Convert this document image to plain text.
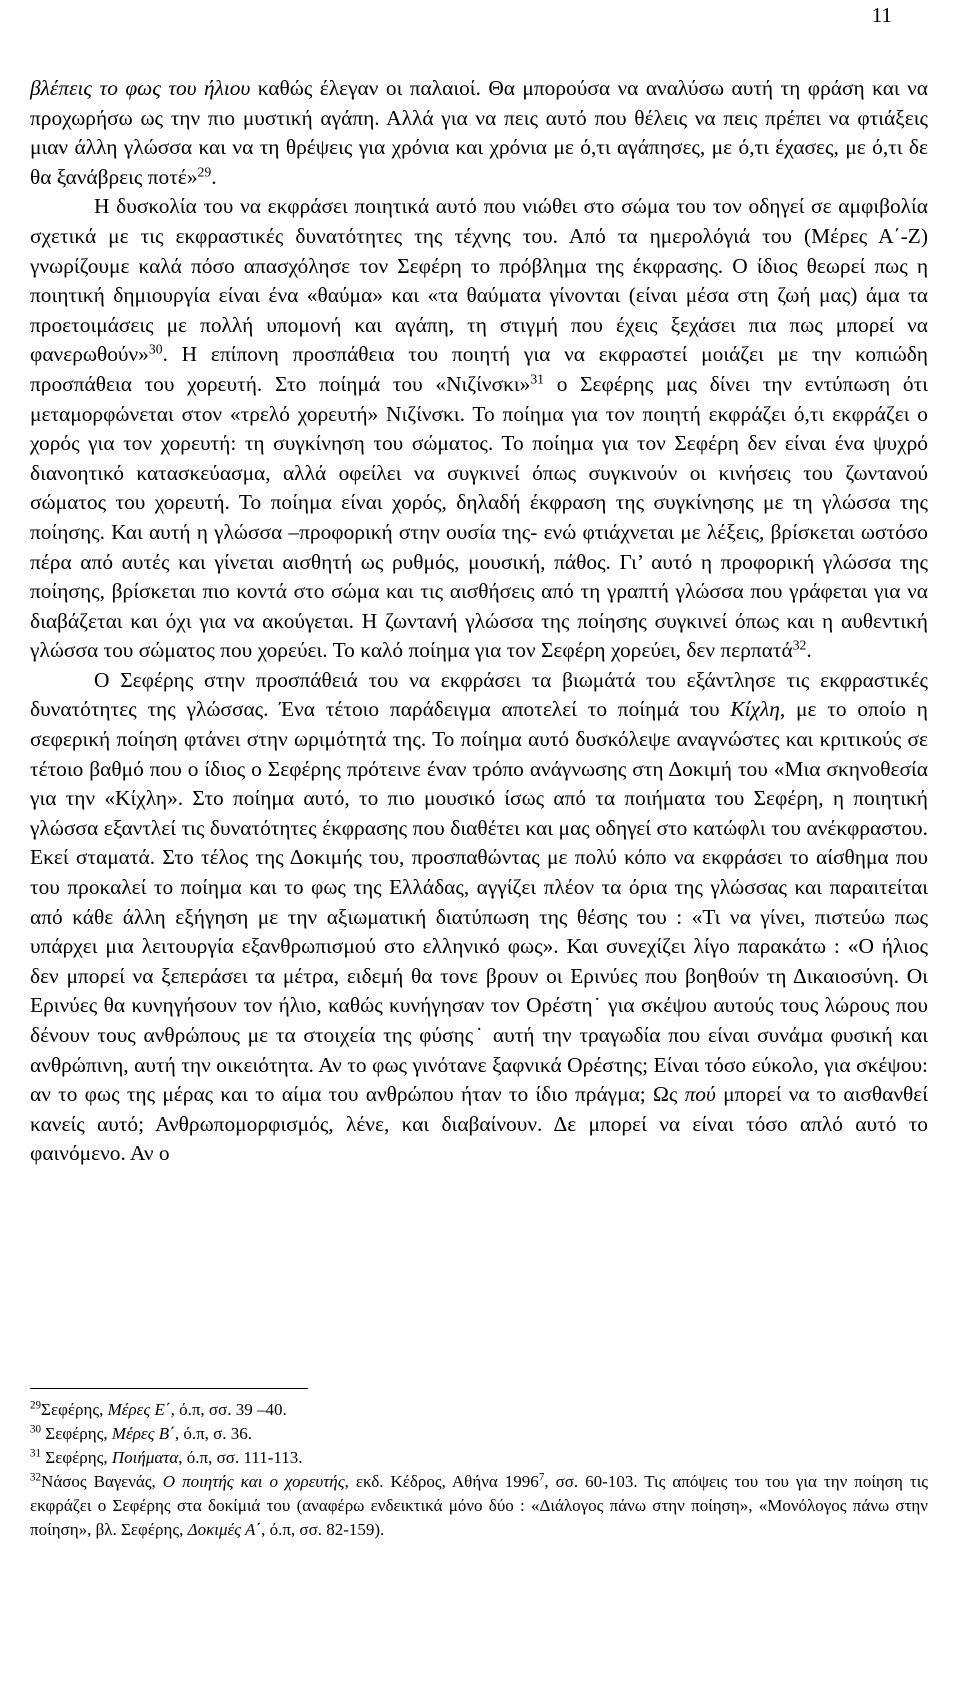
11

βλέπεις το φως του ήλιου καθώς έλεγαν οι παλαιοί. Θα μπορούσα να αναλύσω αυτή τη φράση και να προχωρήσω ως την πιο μυστική αγάπη. Αλλά για να πεις αυτό που θέλεις να πεις πρέπει να φτιάξεις μιαν άλλη γλώσσα και να τη θρέψεις για χρόνια και χρόνια με ό,τι αγάπησες, με ό,τι έχασες, με ό,τι δε θα ξανάβρεις ποτέ»$^{29}$.

Η δυσκολία του να εκφράσει ποιητικά αυτό που νιώθει στο σώμα του τον οδηγεί σε αμφιβολία σχετικά με τις εκφραστικές δυνατότητες της τέχνης του. Από τα ημερολόγιά του (Μέρες Α΄-Ζ) γνωρίζουμε καλά πόσο απασχόλησε τον Σεφέρη το πρόβλημα της έκφρασης. Ο ίδιος θεωρεί πως η ποιητική δημιουργία είναι ένα «θαύμα» και «τα θαύματα γίνονται (είναι μέσα στη ζωή μας) άμα τα προετοιμάσεις με πολλή υπομονή και αγάπη, τη στιγμή που έχεις ξεχάσει πια πως μπορεί να φανερωθούν»$^{30}$. Η επίπονη προσπάθεια του ποιητή για να εκφραστεί μοιάζει με την κοπιώδη προσπάθεια του χορευτή. Στο ποίημά του «Νιζίνσκι»$^{31}$ ο Σεφέρης μας δίνει την εντύπωση ότι μεταμορφώνεται στον «τρελό χορευτή» Νιζίνσκι. Το ποίημα για τον ποιητή εκφράζει ό,τι εκφράζει ο χορός για τον χορευτή: τη συγκίνηση του σώματος. Το ποίημα για τον Σεφέρη δεν είναι ένα ψυχρό διανοητικό κατασκεύασμα, αλλά οφείλει να συγκινεί όπως συγκινούν οι κινήσεις του ζωντανού σώματος του χορευτή. Το ποίημα είναι χορός, δηλαδή έκφραση της συγκίνησης με τη γλώσσα της ποίησης. Και αυτή η γλώσσα –προφορική στην ουσία της- ενώ φτιάχνεται με λέξεις, βρίσκεται ωστόσο πέρα από αυτές και γίνεται αισθητή ως ρυθμός, μουσική, πάθος. Γι’ αυτό η προφορική γλώσσα της ποίησης, βρίσκεται πιο κοντά στο σώμα και τις αισθήσεις από τη γραπτή γλώσσα που γράφεται για να διαβάζεται και όχι για να ακούγεται. Η ζωντανή γλώσσα της ποίησης συγκινεί όπως και η αυθεντική γλώσσα του σώματος που χορεύει. Το καλό ποίημα για τον Σεφέρη χορεύει, δεν περπατά$^{32}$.

Ο Σεφέρης στην προσπάθειά του να εκφράσει τα βιωμάτά του εξάντλησε τις εκφραστικές δυνατότητες της γλώσσας. Ένα τέτοιο παράδειγμα αποτελεί το ποίημά του Κίχλη, με το οποίο η σεφερική ποίηση φτάνει στην ωριμότητά της. Το ποίημα αυτό δυσκόλεψε αναγνώστες και κριτικούς σε τέτοιο βαθμό που ο ίδιος ο Σεφέρης πρότεινε έναν τρόπο ανάγνωσης στη Δοκιμή του «Μια σκηνοθεσία για την «Κίχλη». Στο ποίημα αυτό, το πιο μουσικό ίσως από τα ποιήματα του Σεφέρη, η ποιητική γλώσσα εξαντλεί τις δυνατότητες έκφρασης που διαθέτει και μας οδηγεί στο κατώφλι του ανέκφραστου. Εκεί σταματά. Στο τέλος της Δοκιμής του, προσπαθώντας με πολύ κόπο να εκφράσει το αίσθημα που του προκαλεί το ποίημα και το φως της Ελλάδας, αγγίζει πλέον τα όρια της γλώσσας και παραιτείται από κάθε άλλη εξήγηση με την αξιωματική διατύπωση της θέσης του : «Τι να γίνει, πιστεύω πως υπάρχει μια λειτουργία εξανθρωπισμού στο ελληνικό φως». Και συνεχίζει λίγο παρακάτω : «Ο ήλιος δεν μπορεί να ξεπεράσει τα μέτρα, ειδεμή θα τονε βρουν οι Ερινύες που βοηθούν τη Δικαιοσύνη. Οι Ερινύες θα κυνηγήσουν τον ήλιο, καθώς κυνήγησαν τον Ορέστη˙ για σκέψου αυτούς τους λώρους που δένουν τους ανθρώπους με τα στοιχεία της φύσης˙ αυτή την τραγωδία που είναι συνάμα φυσική και ανθρώπινη, αυτή την οικειότητα. Αν το φως γινότανε ξαφνικά Ορέστης; Είναι τόσο εύκολο, για σκέψου: αν το φως της μέρας και το αίμα του ανθρώπου ήταν το ίδιο πράγμα; Ως πού μπορεί να το αισθανθεί κανείς αυτό; Ανθρωπομορφισμός, λένε, και διαβαίνουν. Δε μπορεί να είναι τόσο απλό αυτό το φαινόμενο. Αν ο

$^{29}$Σεφέρης, Μέρες Ε΄, ό.π, σσ. 39 –40.

$^{30}$ Σεφέρης, Μέρες Β΄, ό.π, σ. 36.

$^{31}$ Σεφέρης, Ποιήματα, ό.π, σσ. 111-113.

$^{32}$Νάσος Βαγενάς, Ο ποιητής και ο χορευτής, εκδ. Κέδρος, Αθήνα 1996$^7$, σσ. 60-103. Τις απόψεις του του για την ποίηση τις εκφράζει ο Σεφέρης στα δοκίμιά του (αναφέρω ενδεικτικά μόνο δύο : «Διάλογος πάνω στην ποίηση», «Μονόλογος πάνω στην ποίηση», βλ. Σεφέρης, Δοκιμές Α΄, ό.π, σσ. 82-159).
